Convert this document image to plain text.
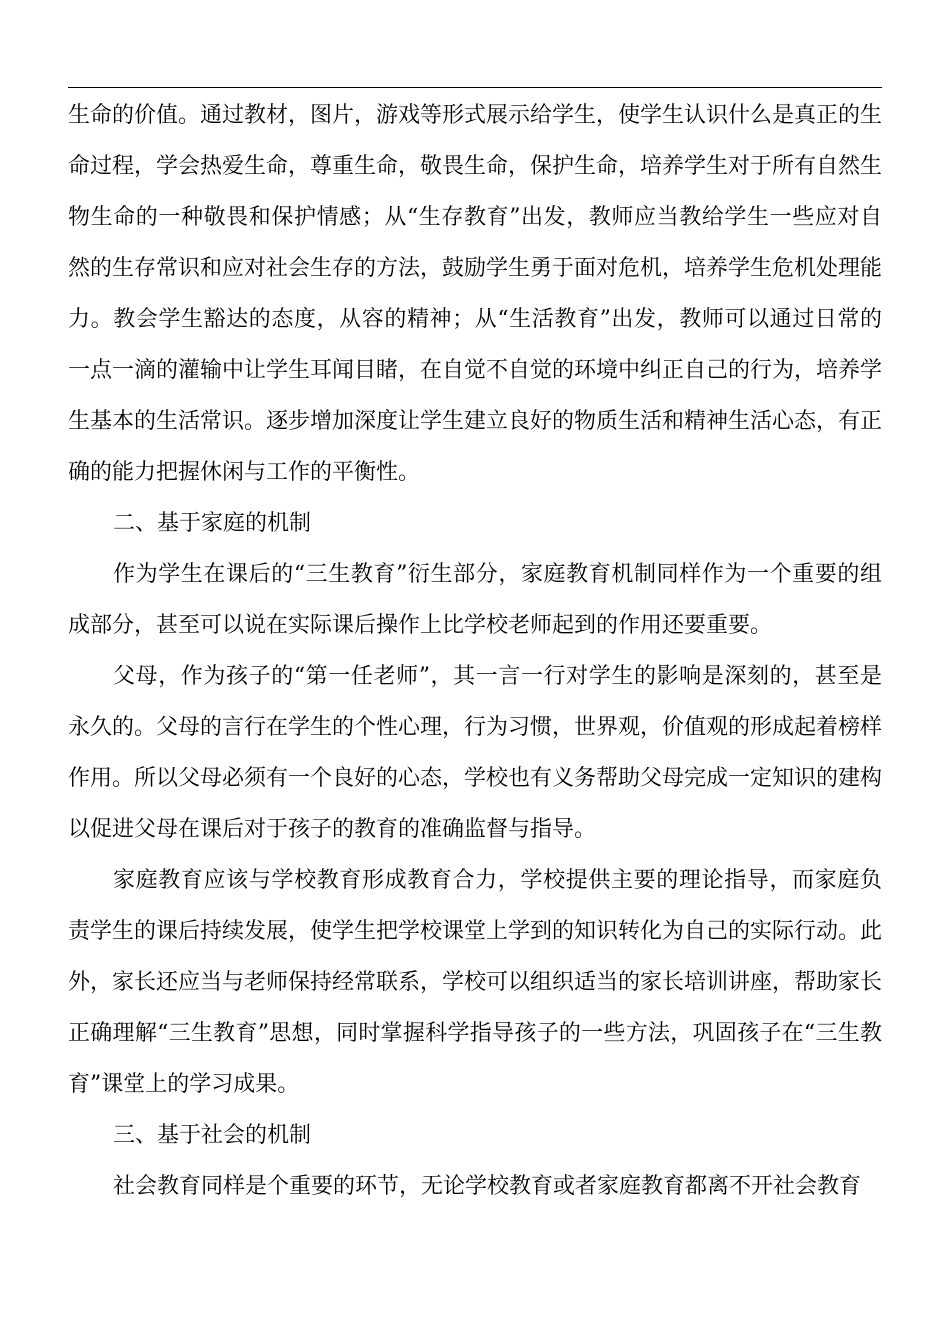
生命的价值。通过教材，图片，游戏等形式展示给学生，使学生认识什么是真正的生命过程，学会热爱生命，尊重生命，敬畏生命，保护生命，培养学生对于所有自然生物生命的一种敬畏和保护情感；从“生存教育”出发，教师应当教给学生一些应对自然的生存常识和应对社会生存的方法，鼓励学生勇于面对危机，培养学生危机处理能力。教会学生豁达的态度，从容的精神；从“生活教育”出发，教师可以通过日常的一点一滴的灌输中让学生耳闻目睹，在自觉不自觉的环境中纠正自己的行为，培养学生基本的生活常识。逐步增加深度让学生建立良好的物质生活和精神生活心态，有正确的能力把握休闲与工作的平衡性。

二、基于家庭的机制

作为学生在课后的“三生教育”衍生部分，家庭教育机制同样作为一个重要的组成部分，甚至可以说在实际课后操作上比学校老师起到的作用还要重要。

父母，作为孩子的“第一任老师”，其一言一行对学生的影响是深刻的，甚至是永久的。父母的言行在学生的个性心理，行为习惯，世界观，价值观的形成起着榜样作用。所以父母必须有一个良好的心态，学校也有义务帮助父母完成一定知识的建构以促进父母在课后对于孩子的教育的准确监督与指导。

家庭教育应该与学校教育形成教育合力，学校提供主要的理论指导，而家庭负责学生的课后持续发展，使学生把学校课堂上学到的知识转化为自己的实际行动。此外，家长还应当与老师保持经常联系，学校可以组织适当的家长培训讲座，帮助家长正确理解“三生教育”思想，同时掌握科学指导孩子的一些方法，巩固孩子在“三生教育”课堂上的学习成果。

三、基于社会的机制

社会教育同样是个重要的环节，无论学校教育或者家庭教育都离不开社会教育
